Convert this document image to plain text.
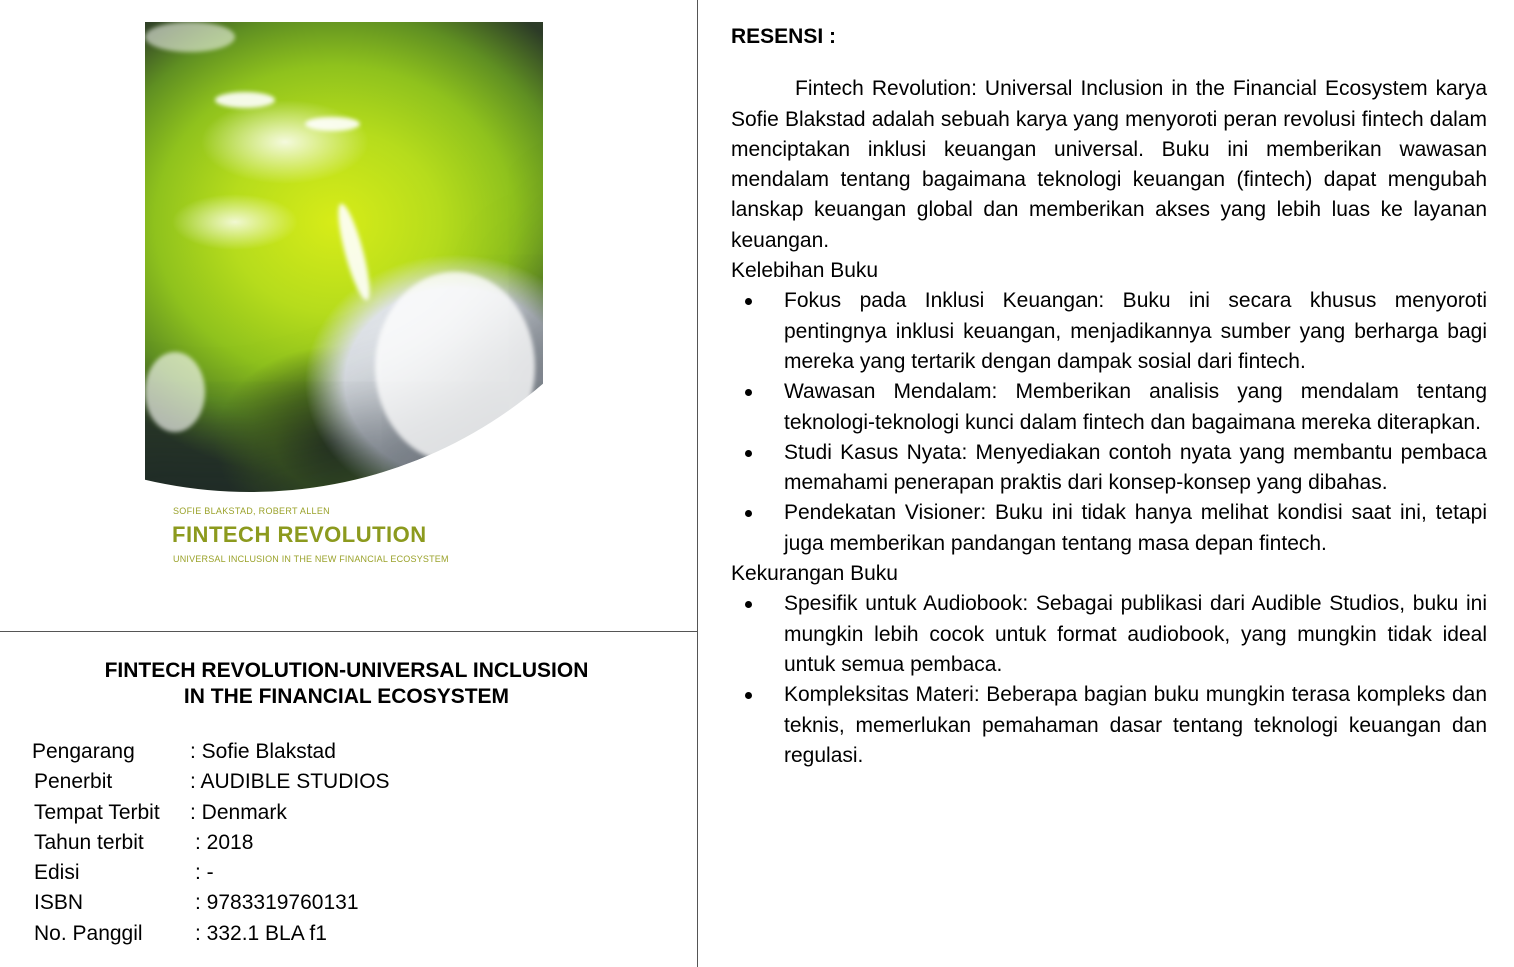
SOFIE BLAKSTAD, ROBERT ALLEN
FINTECH REVOLUTION
UNIVERSAL INCLUSION IN THE NEW FINANCIAL ECOSYSTEM
FINTECH REVOLUTION-UNIVERSAL INCLUSION
IN THE FINANCIAL ECOSYSTEM
Pengarang	: Sofie Blakstad
Penerbit	: AUDIBLE STUDIOS
Tempat Terbit	: Denmark
Tahun terbit	: 2018
Edisi	: -
ISBN	: 9783319760131
No. Panggil	: 332.1 BLA f1
RESENSI :

Fintech Revolution: Universal Inclusion in the Financial Ecosystem karya Sofie Blakstad adalah sebuah karya yang menyoroti peran revolusi fintech dalam menciptakan inklusi keuangan universal. Buku ini memberikan wawasan mendalam tentang bagaimana teknologi keuangan (fintech) dapat mengubah lanskap keuangan global dan memberikan akses yang lebih luas ke layanan keuangan.

Kelebihan Buku

Fokus pada Inklusi Keuangan: Buku ini secara khusus menyoroti pentingnya inklusi keuangan, menjadikannya sumber yang berharga bagi mereka yang tertarik dengan dampak sosial dari fintech.
Wawasan Mendalam: Memberikan analisis yang mendalam tentang teknologi-teknologi kunci dalam fintech dan bagaimana mereka diterapkan.
Studi Kasus Nyata: Menyediakan contoh nyata yang membantu pembaca memahami penerapan praktis dari konsep-konsep yang dibahas.
Pendekatan Visioner: Buku ini tidak hanya melihat kondisi saat ini, tetapi juga memberikan pandangan tentang masa depan fintech.

Kekurangan Buku

Spesifik untuk Audiobook: Sebagai publikasi dari Audible Studios, buku ini mungkin lebih cocok untuk format audiobook, yang mungkin tidak ideal untuk semua pembaca.
Kompleksitas Materi: Beberapa bagian buku mungkin terasa kompleks dan teknis, memerlukan pemahaman dasar tentang teknologi keuangan dan regulasi.
